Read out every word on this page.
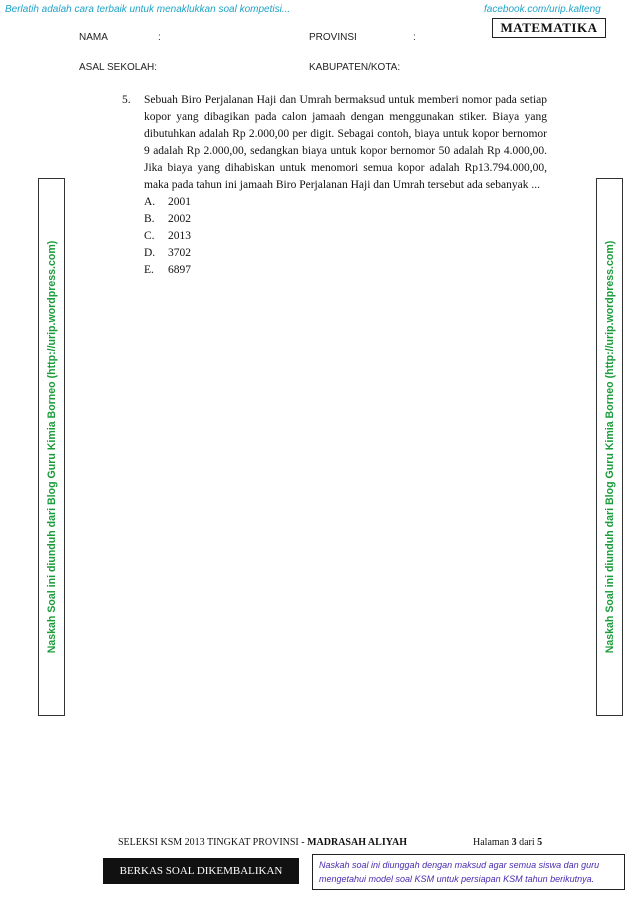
Berlatih adalah cara terbaik untuk menaklukkan soal kompetisi...	facebook.com/urip.kalteng
MATEMATIKA
NAMA	:	PROVINSI	:
ASAL SEKOLAH:	KABUPATEN/KOTA:
5. Sebuah Biro Perjalanan Haji dan Umrah bermaksud untuk memberi nomor pada setiap kopor yang dibagikan pada calon jamaah dengan menggunakan stiker. Biaya yang dibutuhkan adalah Rp 2.000,00 per digit. Sebagai contoh, biaya untuk kopor bernomor 9 adalah Rp 2.000,00, sedangkan biaya untuk kopor bernomor 50 adalah Rp 4.000,00. Jika biaya yang dihabiskan untuk menomori semua kopor adalah Rp13.794.000,00, maka pada tahun ini jamaah Biro Perjalanan Haji dan Umrah tersebut ada sebanyak ...
A.	2001
B.	2002
C.	2013
D.	3702
E.	6897
Naskah Soal ini diunduh dari Blog Guru Kimia Borneo (http://urip.wordpress.com)	Naskah Soal ini diunduh dari Blog Guru Kimia Borneo (http://urip.wordpress.com)
SELEKSI KSM 2013 TINGKAT PROVINSI - MADRASAH ALIYAH	Halaman 3 dari 5
BERKAS SOAL DIKEMBALIKAN	Naskah soal ini diunggah dengan maksud agar semua siswa dan guru mengetahui model soal KSM untuk persiapan KSM tahun berikutnya.
